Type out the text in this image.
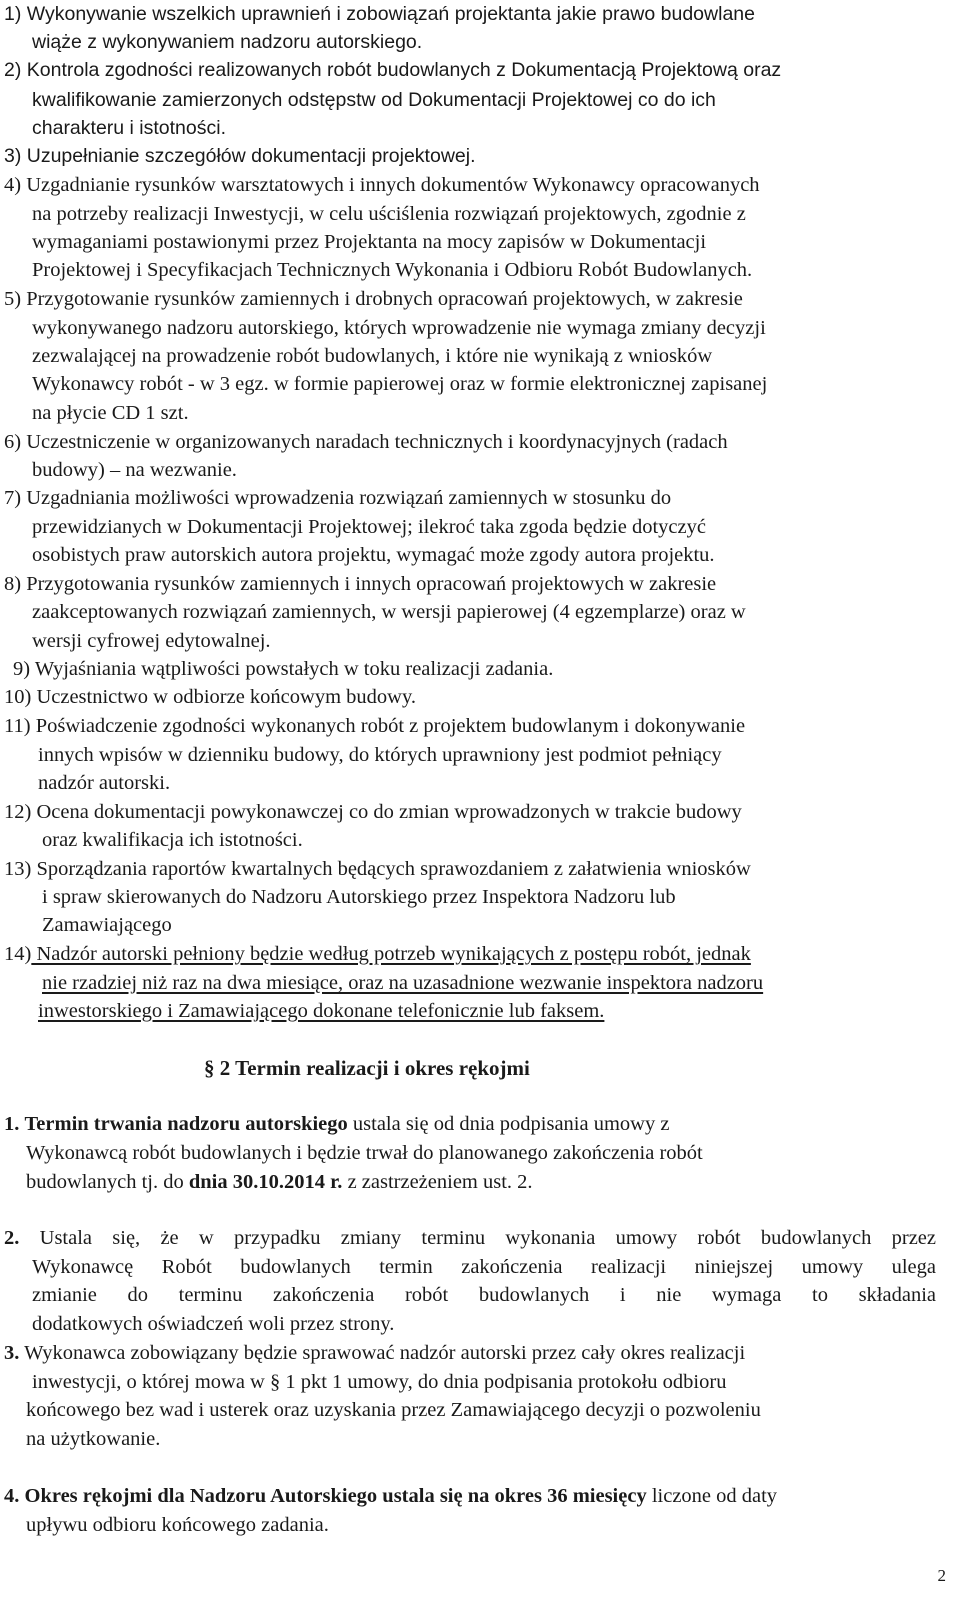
1) Wykonywanie wszelkich uprawnień i zobowiązań projektanta jakie prawo budowlane
wiąże z wykonywaniem nadzoru autorskiego.
2) Kontrola zgodności realizowanych robót budowlanych z Dokumentacją Projektową oraz
kwalifikowanie zamierzonych odstępstw od Dokumentacji Projektowej co do ich
charakteru i istotności.
3) Uzupełnianie szczegółów dokumentacji projektowej.
4) Uzgadnianie rysunków warsztatowych i innych dokumentów Wykonawcy opracowanych
na potrzeby realizacji Inwestycji, w celu uściślenia rozwiązań projektowych, zgodnie z
wymaganiami postawionymi przez Projektanta na mocy zapisów w Dokumentacji
Projektowej i Specyfikacjach Technicznych Wykonania i Odbioru Robót Budowlanych.
5) Przygotowanie rysunków zamiennych i drobnych opracowań projektowych, w zakresie
wykonywanego nadzoru autorskiego, których wprowadzenie nie wymaga zmiany decyzji
zezwalającej na prowadzenie robót budowlanych, i które nie wynikają z wniosków
Wykonawcy robót - w 3 egz. w formie papierowej oraz w formie elektronicznej zapisanej
na płycie CD 1 szt.
6) Uczestniczenie w organizowanych naradach technicznych i koordynacyjnych (radach
budowy) – na wezwanie.
7) Uzgadniania możliwości wprowadzenia rozwiązań zamiennych w stosunku do
przewidzianych w Dokumentacji Projektowej; ilekroć taka zgoda będzie dotyczyć
osobistych praw autorskich autora projektu, wymagać może zgody autora projektu.
8) Przygotowania rysunków zamiennych i innych opracowań projektowych w zakresie
zaakceptowanych rozwiązań zamiennych, w wersji papierowej (4 egzemplarze) oraz w
wersji cyfrowej edytowalnej.
9) Wyjaśniania wątpliwości powstałych w toku realizacji zadania.
10) Uczestnictwo w odbiorze końcowym budowy.
11) Poświadczenie zgodności wykonanych robót z projektem budowlanym i dokonywanie
innych wpisów w dzienniku budowy, do których uprawniony jest podmiot pełniący
nadzór autorski.
12) Ocena dokumentacji powykonawczej co do zmian wprowadzonych w trakcie budowy
oraz kwalifikacja ich istotności.
13) Sporządzania raportów kwartalnych będących sprawozdaniem z załatwienia wniosków
i spraw skierowanych do Nadzoru Autorskiego przez Inspektora Nadzoru lub
Zamawiającego
14) Nadzór autorski pełniony będzie według potrzeb wynikających z postępu robót, jednak
nie rzadziej niż raz na dwa miesiące, oraz na uzasadnione wezwanie inspektora nadzoru
inwestorskiego i Zamawiającego dokonane telefonicznie lub faksem.
§ 2 Termin realizacji i okres rękojmi
1. Termin trwania nadzoru autorskiego ustala się od dnia podpisania umowy z
Wykonawcą robót budowlanych i będzie trwał do planowanego zakończenia robót
budowlanych tj. do dnia 30.10.2014 r. z zastrzeżeniem ust. 2.
2. Ustala się, że w przypadku zmiany terminu wykonania umowy robót budowlanych przez
Wykonawcę Robót budowlanych termin zakończenia realizacji niniejszej umowy ulega
zmianie do terminu zakończenia robót budowlanych i nie wymaga to składania
dodatkowych oświadczeń woli przez strony.
3. Wykonawca zobowiązany będzie sprawować nadzór autorski przez cały okres realizacji
inwestycji, o której mowa w § 1 pkt 1 umowy, do dnia podpisania protokołu odbioru
końcowego bez wad i usterek oraz uzyskania przez Zamawiającego decyzji o pozwoleniu
na użytkowanie.
4. Okres rękojmi dla Nadzoru Autorskiego ustala się na okres 36 miesięcy liczone od daty
upływu odbioru końcowego zadania.
2
